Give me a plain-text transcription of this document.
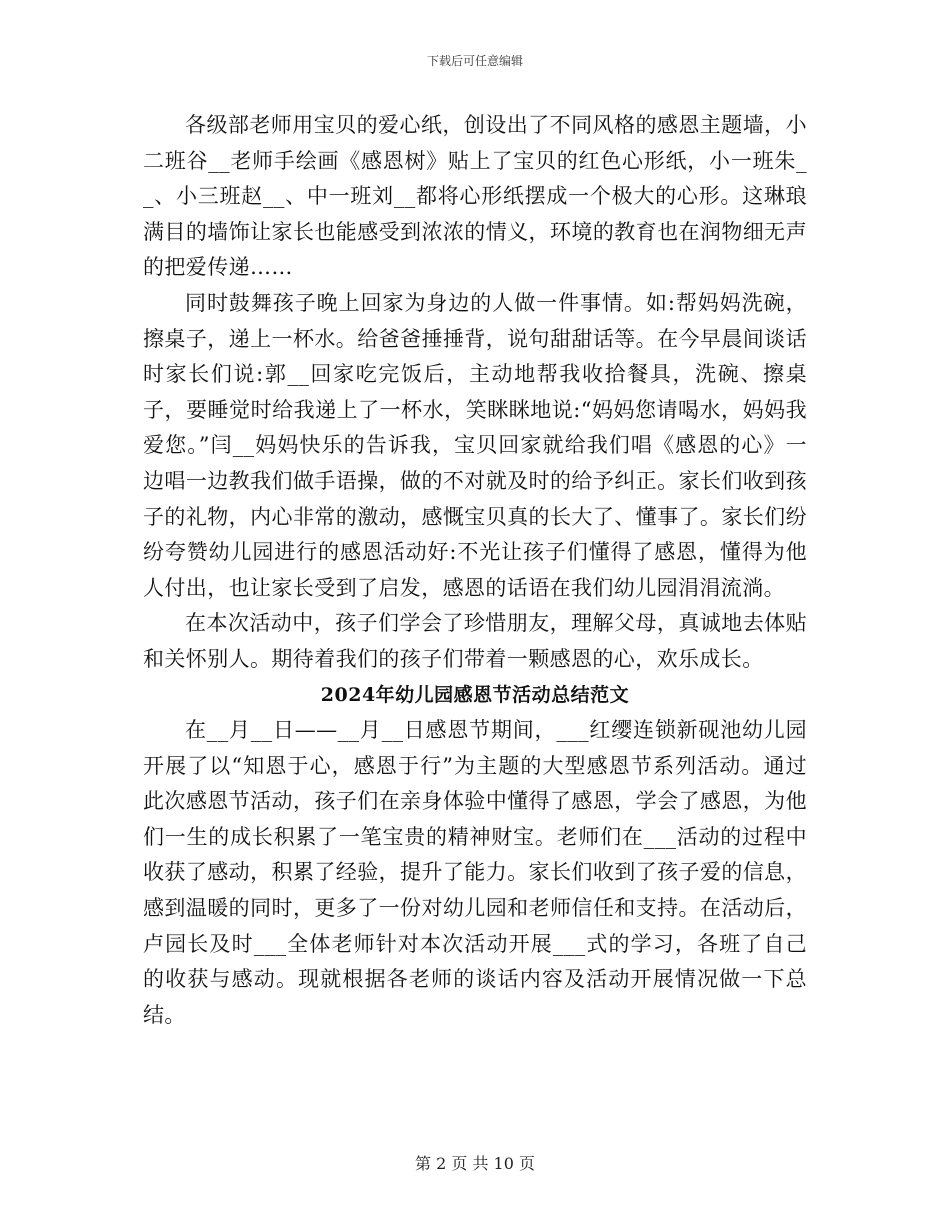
下载后可任意编辑

各级部老师用宝贝的爱心纸，创设出了不同风格的感恩主题墙，小二班谷__老师手绘画《感恩树》贴上了宝贝的红色心形纸，小一班朱__、小三班赵__、中一班刘__都将心形纸摆成一个极大的心形。这琳琅满目的墙饰让家长也能感受到浓浓的情义，环境的教育也在润物细无声的把爱传递……

同时鼓舞孩子晚上回家为身边的人做一件事情。如:帮妈妈洗碗，擦桌子，递上一杯水。给爸爸捶捶背，说句甜甜话等。在今早晨间谈话时家长们说:郭__回家吃完饭后，主动地帮我收拾餐具，洗碗、擦桌子，要睡觉时给我递上了一杯水，笑眯眯地说:“妈妈您请喝水，妈妈我爱您。”闫__妈妈快乐的告诉我，宝贝回家就给我们唱《感恩的心》一边唱一边教我们做手语操，做的不对就及时的给予纠正。家长们收到孩子的礼物，内心非常的激动，感慨宝贝真的长大了、懂事了。家长们纷纷夸赞幼儿园进行的感恩活动好:不光让孩子们懂得了感恩，懂得为他人付出，也让家长受到了启发，感恩的话语在我们幼儿园涓涓流淌。

在本次活动中，孩子们学会了珍惜朋友，理解父母，真诚地去体贴和关怀别人。期待着我们的孩子们带着一颗感恩的心，欢乐成长。

2024年幼儿园感恩节活动总结范文

在__月__日——__月__日感恩节期间，___红缨连锁新砚池幼儿园开展了以“知恩于心，感恩于行”为主题的大型感恩节系列活动。通过此次感恩节活动，孩子们在亲身体验中懂得了感恩，学会了感恩，为他们一生的成长积累了一笔宝贵的精神财宝。老师们在___活动的过程中收获了感动，积累了经验，提升了能力。家长们收到了孩子爱的信息，感到温暖的同时，更多了一份对幼儿园和老师信任和支持。在活动后，卢园长及时___全体老师针对本次活动开展___式的学习，各班了自己的收获与感动。现就根据各老师的谈话内容及活动开展情况做一下总结。

第 2 页 共 10 页
